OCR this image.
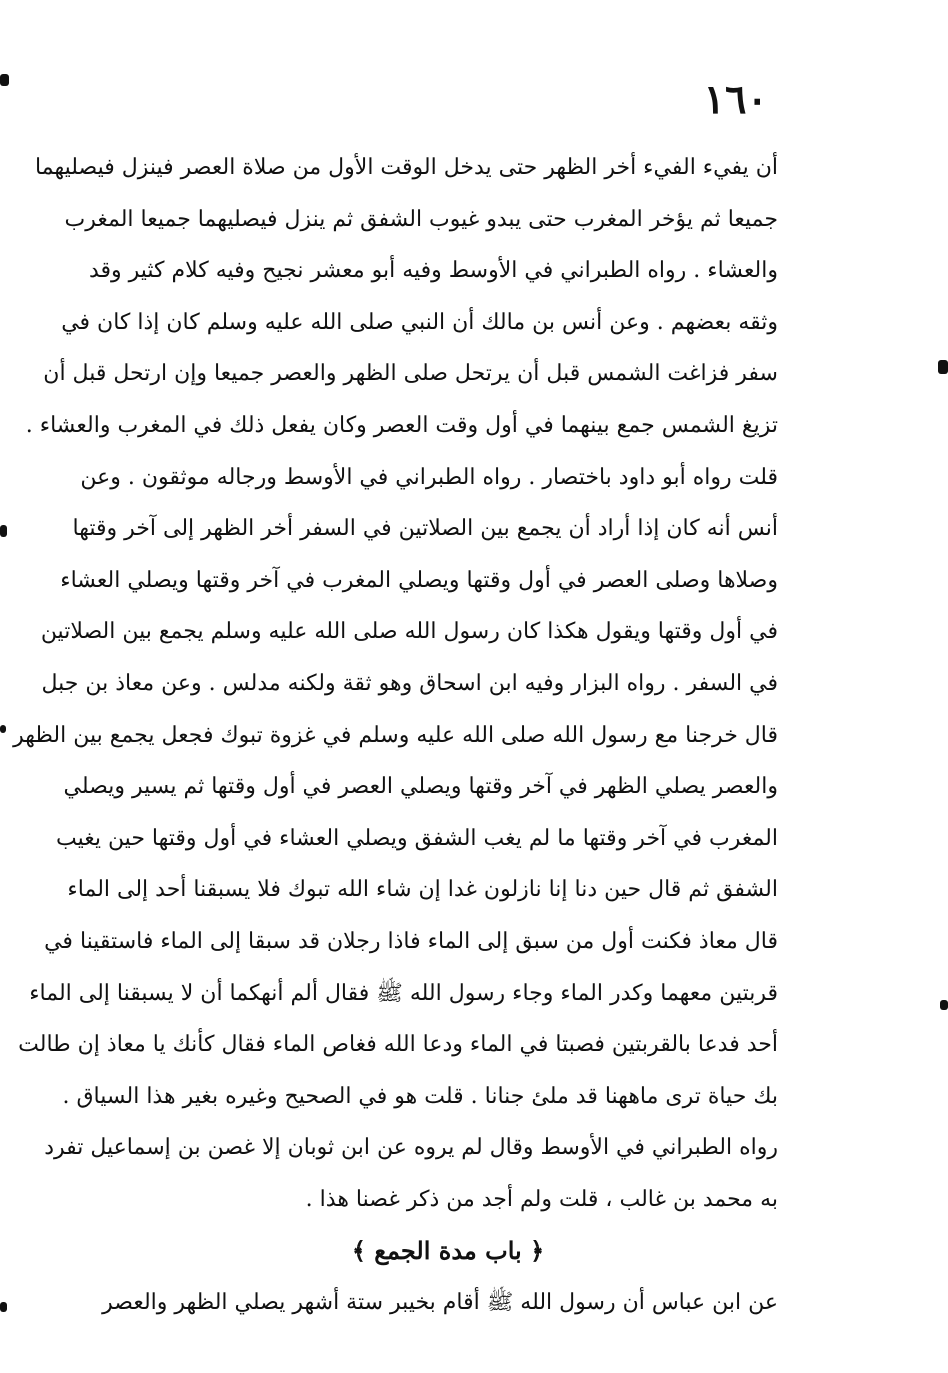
١٦٠
أن يفيء الفيء أخر الظهر حتى يدخل الوقت الأول من صلاة العصر فينزل فيصليهما
جميعا ثم يؤخر المغرب حتى يبدو غيوب الشفق ثم ينزل فيصليهما جميعا المغرب
والعشاء . رواه الطبراني في الأوسط وفيه أبو معشر نجيح وفيه كلام كثير وقد
وثقه بعضهم . وعن أنس بن مالك أن النبي صلى الله عليه وسلم كان إذا كان في
سفر فزاغت الشمس قبل أن يرتحل صلى الظهر والعصر جميعا وإن ارتحل قبل أن
تزيغ الشمس جمع بينهما في أول وقت العصر وكان يفعل ذلك في المغرب والعشاء .
قلت رواه أبو داود باختصار . رواه الطبراني في الأوسط ورجاله موثقون . وعن
أنس أنه كان إذا أراد أن يجمع بين الصلاتين في السفر أخر الظهر إلى آخر وقتها
وصلاها وصلى العصر في أول وقتها ويصلي المغرب في آخر وقتها ويصلي العشاء
في أول وقتها ويقول هكذا كان رسول الله صلى الله عليه وسلم يجمع بين الصلاتين
في السفر . رواه البزار وفيه ابن اسحاق وهو ثقة ولكنه مدلس . وعن معاذ بن جبل
قال خرجنا مع رسول الله صلى الله عليه وسلم في غزوة تبوك فجعل يجمع بين الظهر
والعصر يصلي الظهر في آخر وقتها ويصلي العصر في أول وقتها ثم يسير ويصلي
المغرب في آخر وقتها ما لم يغب الشفق ويصلي العشاء في أول وقتها حين يغيب
الشفق ثم قال حين دنا إنا نازلون غدا إن شاء الله تبوك فلا يسبقنا أحد إلى الماء
قال معاذ فكنت أول من سبق إلى الماء فاذا رجلان قد سبقا إلى الماء فاستقينا في
قربتين معهما وكدر الماء وجاء رسول الله ﷺ فقال ألم أنهكما أن لا يسبقنا إلى الماء
أحد فدعا بالقربتين فصبتا في الماء ودعا الله فغاص الماء فقال كأنك يا معاذ إن طالت
بك حياة ترى ماههنا قد ملئ جنانا . قلت هو في الصحيح وغيره بغير هذا السياق .
رواه الطبراني في الأوسط وقال لم يروه عن ابن ثوبان إلا غصن بن إسماعيل تفرد
به محمد بن غالب ، قلت ولم أجد من ذكر غصنا هذا .
﴿ باب مدة الجمع ﴾
عن ابن عباس أن رسول الله ﷺ أقام بخيبر ستة أشهر يصلي الظهر والعصر
